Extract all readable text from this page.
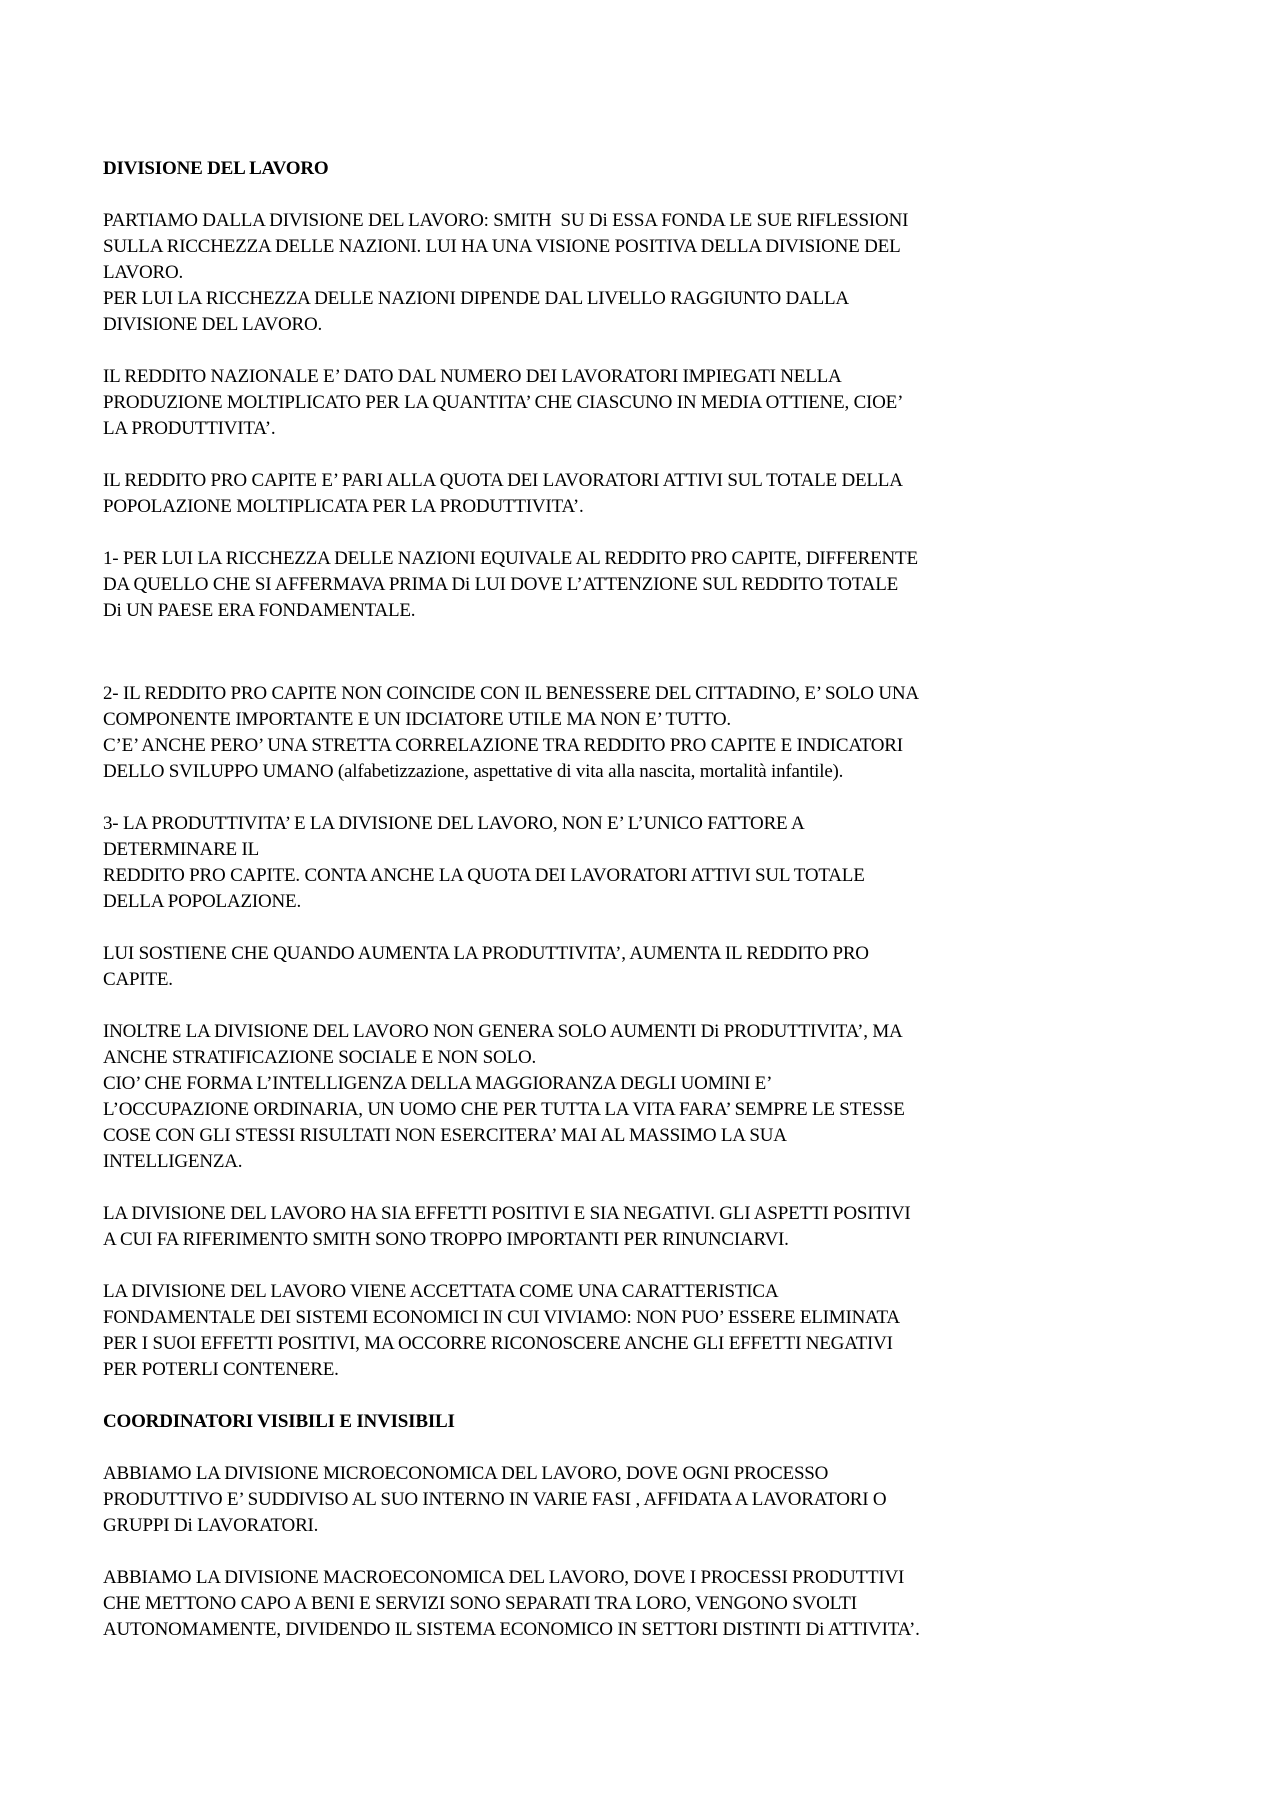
DIVISIONE DEL LAVORO
PARTIAMO DALLA DIVISIONE DEL LAVORO: SMITH  SU Di ESSA FONDA LE SUE RIFLESSIONI
SULLA RICCHEZZA DELLE NAZIONI. LUI HA UNA VISIONE POSITIVA DELLA DIVISIONE DEL
LAVORO.
PER LUI LA RICCHEZZA DELLE NAZIONI DIPENDE DAL LIVELLO RAGGIUNTO DALLA
DIVISIONE DEL LAVORO.
IL REDDITO NAZIONALE E’ DATO DAL NUMERO DEI LAVORATORI IMPIEGATI NELLA
PRODUZIONE MOLTIPLICATO PER LA QUANTITA’ CHE CIASCUNO IN MEDIA OTTIENE, CIOE’
LA PRODUTTIVITA’.
IL REDDITO PRO CAPITE E’ PARI ALLA QUOTA DEI LAVORATORI ATTIVI SUL TOTALE DELLA
POPOLAZIONE MOLTIPLICATA PER LA PRODUTTIVITA’.
1- PER LUI LA RICCHEZZA DELLE NAZIONI EQUIVALE AL REDDITO PRO CAPITE, DIFFERENTE
DA QUELLO CHE SI AFFERMAVA PRIMA Di LUI DOVE L’ATTENZIONE SUL REDDITO TOTALE
Di UN PAESE ERA FONDAMENTALE.
2- IL REDDITO PRO CAPITE NON COINCIDE CON IL BENESSERE DEL CITTADINO, E’ SOLO UNA
COMPONENTE IMPORTANTE E UN IDCIATORE UTILE MA NON E’ TUTTO.
C’E’ ANCHE PERO’ UNA STRETTA CORRELAZIONE TRA REDDITO PRO CAPITE E INDICATORI
DELLO SVILUPPO UMANO (alfabetizzazione, aspettative di vita alla nascita, mortalità infantile).
3- LA PRODUTTIVITA’ E LA DIVISIONE DEL LAVORO, NON E’ L’UNICO FATTORE A
DETERMINARE IL
REDDITO PRO CAPITE. CONTA ANCHE LA QUOTA DEI LAVORATORI ATTIVI SUL TOTALE
DELLA POPOLAZIONE.
LUI SOSTIENE CHE QUANDO AUMENTA LA PRODUTTIVITA’, AUMENTA IL REDDITO PRO
CAPITE.
INOLTRE LA DIVISIONE DEL LAVORO NON GENERA SOLO AUMENTI Di PRODUTTIVITA’, MA
ANCHE STRATIFICAZIONE SOCIALE E NON SOLO.
CIO’ CHE FORMA L’INTELLIGENZA DELLA MAGGIORANZA DEGLI UOMINI E’
L’OCCUPAZIONE ORDINARIA, UN UOMO CHE PER TUTTA LA VITA FARA’ SEMPRE LE STESSE
COSE CON GLI STESSI RISULTATI NON ESERCITERA’ MAI AL MASSIMO LA SUA
INTELLIGENZA.
LA DIVISIONE DEL LAVORO HA SIA EFFETTI POSITIVI E SIA NEGATIVI. GLI ASPETTI POSITIVI
A CUI FA RIFERIMENTO SMITH SONO TROPPO IMPORTANTI PER RINUNCIARVI.
LA DIVISIONE DEL LAVORO VIENE ACCETTATA COME UNA CARATTERISTICA
FONDAMENTALE DEI SISTEMI ECONOMICI IN CUI VIVIAMO: NON PUO’ ESSERE ELIMINATA
PER I SUOI EFFETTI POSITIVI, MA OCCORRE RICONOSCERE ANCHE GLI EFFETTI NEGATIVI
PER POTERLI CONTENERE.
COORDINATORI VISIBILI E INVISIBILI
ABBIAMO LA DIVISIONE MICROECONOMICA DEL LAVORO, DOVE OGNI PROCESSO
PRODUTTIVO E’ SUDDIVISO AL SUO INTERNO IN VARIE FASI , AFFIDATA A LAVORATORI O
GRUPPI Di LAVORATORI.
ABBIAMO LA DIVISIONE MACROECONOMICA DEL LAVORO, DOVE I PROCESSI PRODUTTIVI
CHE METTONO CAPO A BENI E SERVIZI SONO SEPARATI TRA LORO, VENGONO SVOLTI
AUTONOMAMENTE, DIVIDENDO IL SISTEMA ECONOMICO IN SETTORI DISTINTI Di ATTIVITA’.
